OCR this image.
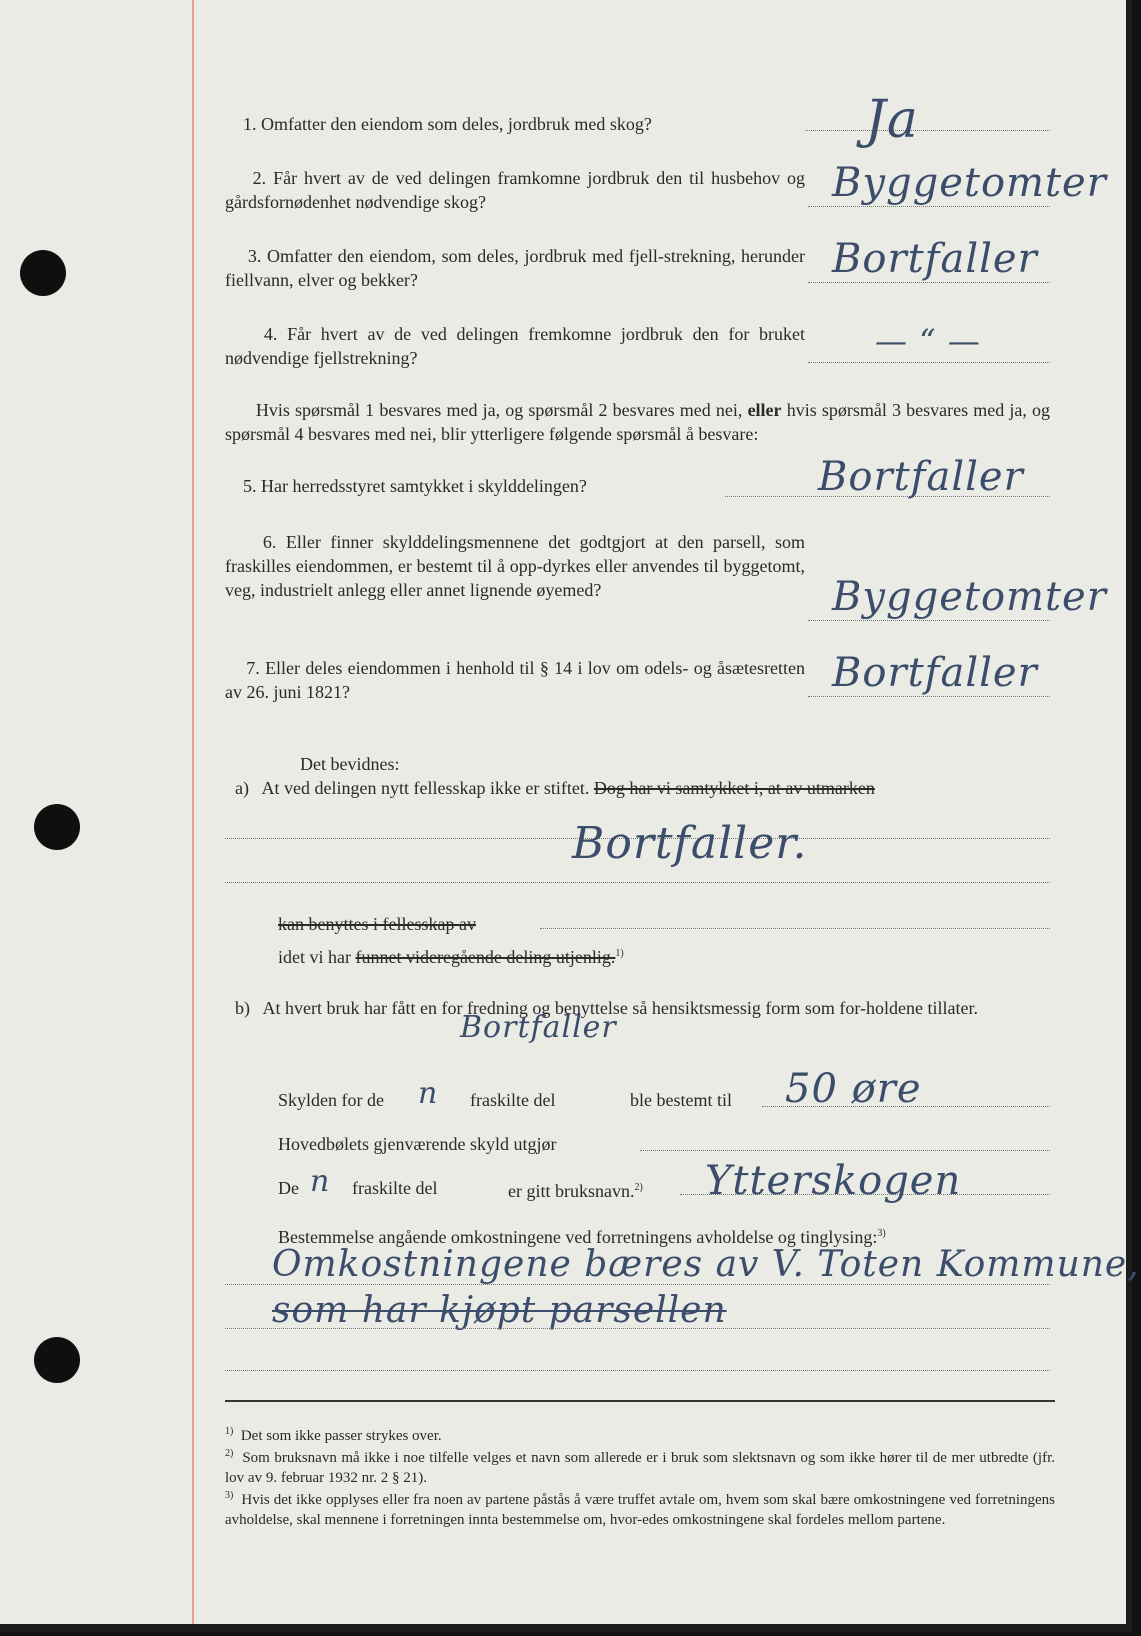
1. Omfatter den eiendom som deles, jordbruk med skog?	Ja
2. Får hvert av de ved delingen framkomne jordbruk den til husbehov og gårdsfornødenhet nødvendige skog?	Byggetomter
3. Omfatter den eiendom, som deles, jordbruk med fjell-strekning, herunder fiellvann, elver og bekker?	Bortfaller
4. Får hvert av de ved delingen fremkomne jordbruk den for bruket nødvendige fjellstrekning?	— “ —
Hvis spørsmål 1 besvares med ja, og spørsmål 2 besvares med nei, eller hvis spørsmål 3 besvares med ja, og spørsmål 4 besvares med nei, blir ytterligere følgende spørsmål å besvare:
5. Har herredsstyret samtykket i skylddelingen?	Bortfaller
6. Eller finner skylddelingsmennene det godtgjort at den parsell, som fraskilles eiendommen, er bestemt til å opp-dyrkes eller anvendes til byggetomt, veg, industrielt anlegg eller annet lignende øyemed?	Byggetomter
7. Eller deles eiendommen i henhold til § 14 i lov om odels- og åsætesretten av 26. juni 1821?	Bortfaller
Det bevidnes:
a) At ved delingen nytt fellesskap ikke er stiftet. Dog har vi samtykket i, at av utmarken
Bortfaller.
kan benyttes i fellesskap av
idet vi har funnet videregående deling utjenlig.$^{1)}$
b) At hvert bruk har fått en for fredning og benyttelse så hensiktsmessig form som for-holdene tillater.
Bortfaller
Skylden for de n fraskilte del	ble bestemt til 50 øre
Hovedbølets gjenværende skyld utgjør
De n fraskilte del	er gitt bruksnavn.$^{2)}$ Ytterskogen
Bestemmelse angående omkostningene ved forretningens avholdelse og tinglysing:$^{3)}$
Omkostningene bæres av V. Toten Kommune,
som har kjøpt parsellen
$^{1)}$ Det som ikke passer strykes over.
$^{2)}$ Som bruksnavn må ikke i noe tilfelle velges et navn som allerede er i bruk som slektsnavn og som ikke hører til de mer utbredte (jfr. lov av 9. februar 1932 nr. 2 § 21).
$^{3)}$ Hvis det ikke opplyses eller fra noen av partene påstås å være truffet avtale om, hvem som skal bære omkostningene ved forretningens avholdelse, skal mennene i forretningen innta bestemmelse om, hvor-edes omkostningene skal fordeles mellom partene.
